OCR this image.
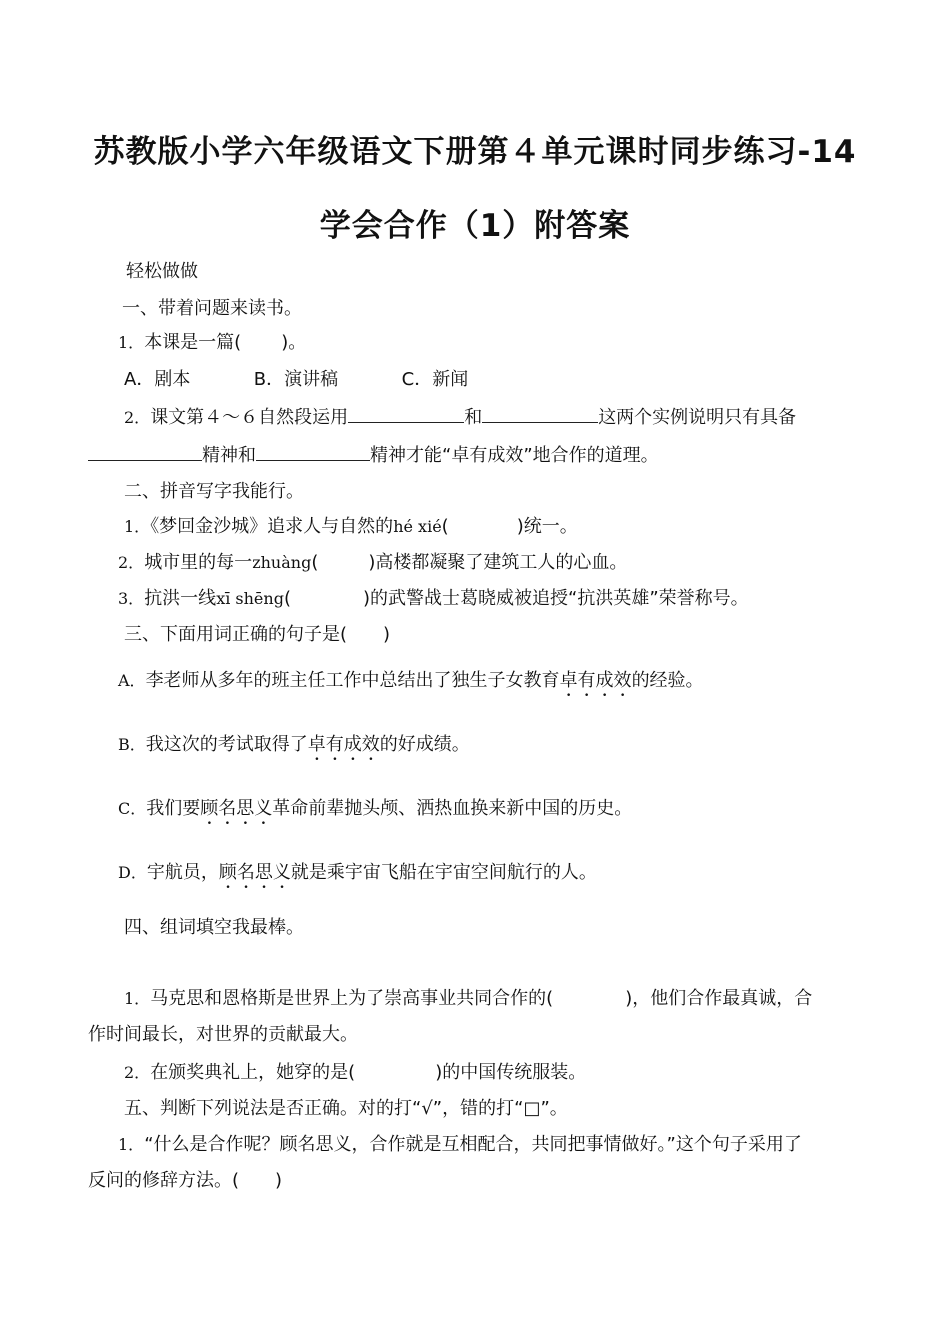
苏教版小学六年级语文下册第４单元课时同步练习-14
学会合作（1）附答案
轻松做做
一、带着问题来读书。
1．本课是一篇( )。
A．剧本	B．演讲稿	C．新闻
2．课文第４～６自然段运用	和	这两个实例说明只有具备
精神和	精神才能“卓有成效”地合作的道理。
二、拼音写字我能行。
1．《梦回金沙城》追求人与自然的hé xié(	)统一。
2．城市里的每一zhuàng(	)高楼都凝聚了建筑工人的心血。
3．抗洪一线xī shēng(	)的武警战士葛晓威被追授“抗洪英雄”荣誉称号。
三、下面用词正确的句子是(　　)
A．李老师从多年的班主任工作中总结出了独生子女教育卓有成效的经验。
B．我这次的考试取得了卓有成效的好成绩。
C．我们要顾名思义革命前辈抛头颅、洒热血换来新中国的历史。
D．宇航员，顾名思义就是乘宇宙飞船在宇宙空间航行的人。
四、组词填空我最棒。
1．马克思和恩格斯是世界上为了崇高事业共同合作的(	)，他们合作最真诚，合
作时间最长，对世界的贡献最大。
2．在颁奖典礼上，她穿的是(	)的中国传统服装。
五、判断下列说法是否正确。对的打“√”，错的打“□”。
1．“什么是合作呢？顾名思义，合作就是互相配合，共同把事情做好。”这个句子采用了
反问的修辞方法。(　　)
